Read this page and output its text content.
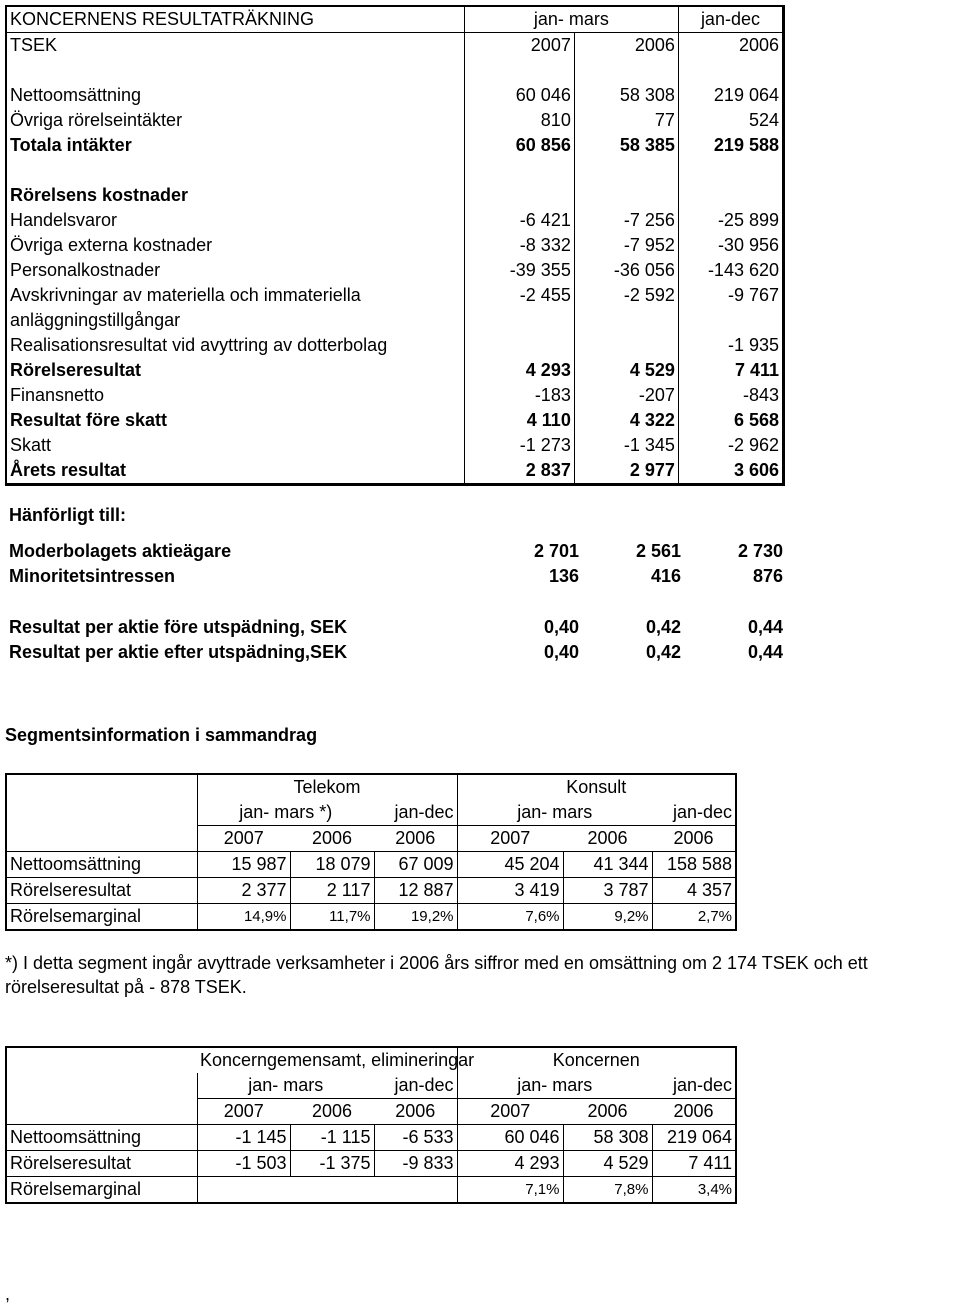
KONCERNENS RESULTATRÄKNING	jan- mars		jan-dec
TSEK	2007	2006	2006

Nettoomsättning	60 046	58 308	219 064
Övriga rörelseintäkter	810	77	524
Totala intäkter	60 856	58 385	219 588

Rörelsens kostnader			
Handelsvaror	-6 421	-7 256	-25 899
Övriga externa kostnader	-8 332	-7 952	-30 956
Personalkostnader	-39 355	-36 056	-143 620
Avskrivningar av materiella och immateriella	-2 455	-2 592	-9 767
anläggningstillgångar			
Realisationsresultat vid avyttring av dotterbolag			-1 935
Rörelseresultat	4 293	4 529	7 411
Finansnetto	-183	-207	-843
Resultat före skatt	4 110	4 322	6 568
Skatt	-1 273	-1 345	-2 962
Årets resultat	2 837	2 977	3 606
Hänförligt till:
Moderbolagets aktieägare	2 701	2 561	2 730
Minoritetsintressen	136	416	876
Resultat per aktie före utspädning, SEK	0,40	0,42	0,44
Resultat per aktie efter utspädning,SEK	0,40	0,42	0,44
Segmentsinformation i sammandrag
	Telekom			Konsult		
	jan- mars *)		jan-dec	jan- mars		jan-dec
	2007	2006	2006	2007	2006	2006
Nettoomsättning	15 987	18 079	67 009	45 204	41 344	158 588
Rörelseresultat	2 377	2 117	12 887	3 419	3 787	4 357
Rörelsemarginal	14,9%	11,7%	19,2%	7,6%	9,2%	2,7%
*) I detta segment ingår avyttrade verksamheter i 2006 års siffror med en omsättning om 2 174 TSEK och ett rörelseresultat på - 878 TSEK.
	Koncerngemensamt, elimineringar			Koncernen		
	jan- mars		jan-dec	jan- mars		jan-dec
	2007	2006	2006	2007	2006	2006
Nettoomsättning	-1 145	-1 115	-6 533	60 046	58 308	219 064
Rörelseresultat	-1 503	-1 375	-9 833	4 293	4 529	7 411
Rörelsemarginal				7,1%	7,8%	3,4%
,
